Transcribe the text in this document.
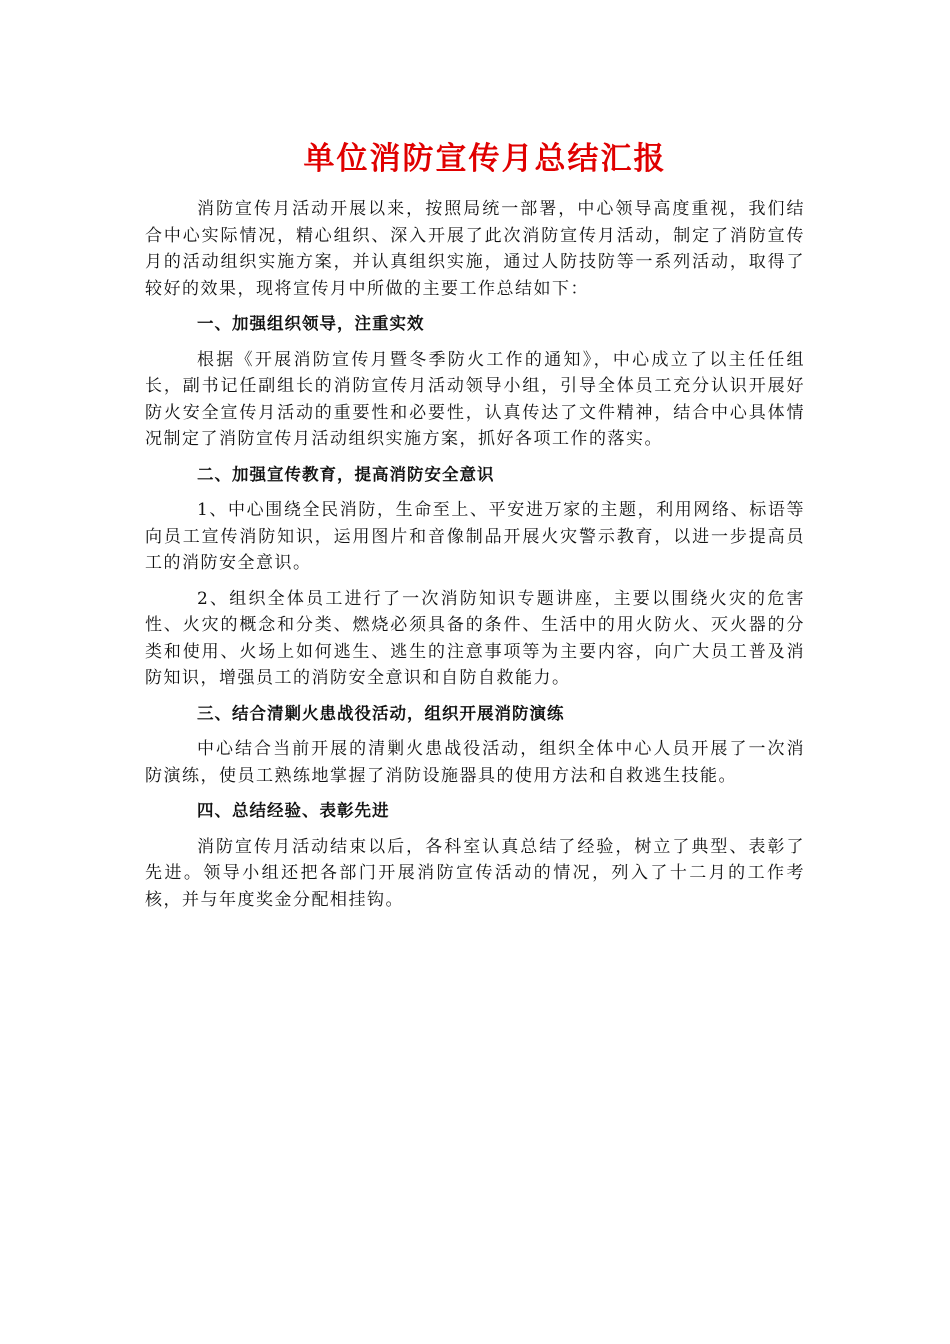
单位消防宣传月总结汇报

消防宣传月活动开展以来，按照局统一部署，中心领导高度重视，我们结合中心实际情况，精心组织、深入开展了此次消防宣传月活动，制定了消防宣传月的活动组织实施方案，并认真组织实施，通过人防技防等一系列活动，取得了较好的效果，现将宣传月中所做的主要工作总结如下：

一、加强组织领导，注重实效

根据《开展消防宣传月暨冬季防火工作的通知》，中心成立了以主任任组长，副书记任副组长的消防宣传月活动领导小组，引导全体员工充分认识开展好防火安全宣传月活动的重要性和必要性，认真传达了文件精神，结合中心具体情况制定了消防宣传月活动组织实施方案，抓好各项工作的落实。

二、加强宣传教育，提高消防安全意识

1、中心围绕全民消防，生命至上、平安进万家的主题，利用网络、标语等向员工宣传消防知识，运用图片和音像制品开展火灾警示教育，以进一步提高员工的消防安全意识。

2、组织全体员工进行了一次消防知识专题讲座，主要以围绕火灾的危害性、火灾的概念和分类、燃烧必须具备的条件、生活中的用火防火、灭火器的分类和使用、火场上如何逃生、逃生的注意事项等为主要内容，向广大员工普及消防知识，增强员工的消防安全意识和自防自救能力。

三、结合清剿火患战役活动，组织开展消防演练

中心结合当前开展的清剿火患战役活动，组织全体中心人员开展了一次消防演练，使员工熟练地掌握了消防设施器具的使用方法和自救逃生技能。

四、总结经验、表彰先进

消防宣传月活动结束以后，各科室认真总结了经验，树立了典型、表彰了先进。领导小组还把各部门开展消防宣传活动的情况，列入了十二月的工作考核，并与年度奖金分配相挂钩。
